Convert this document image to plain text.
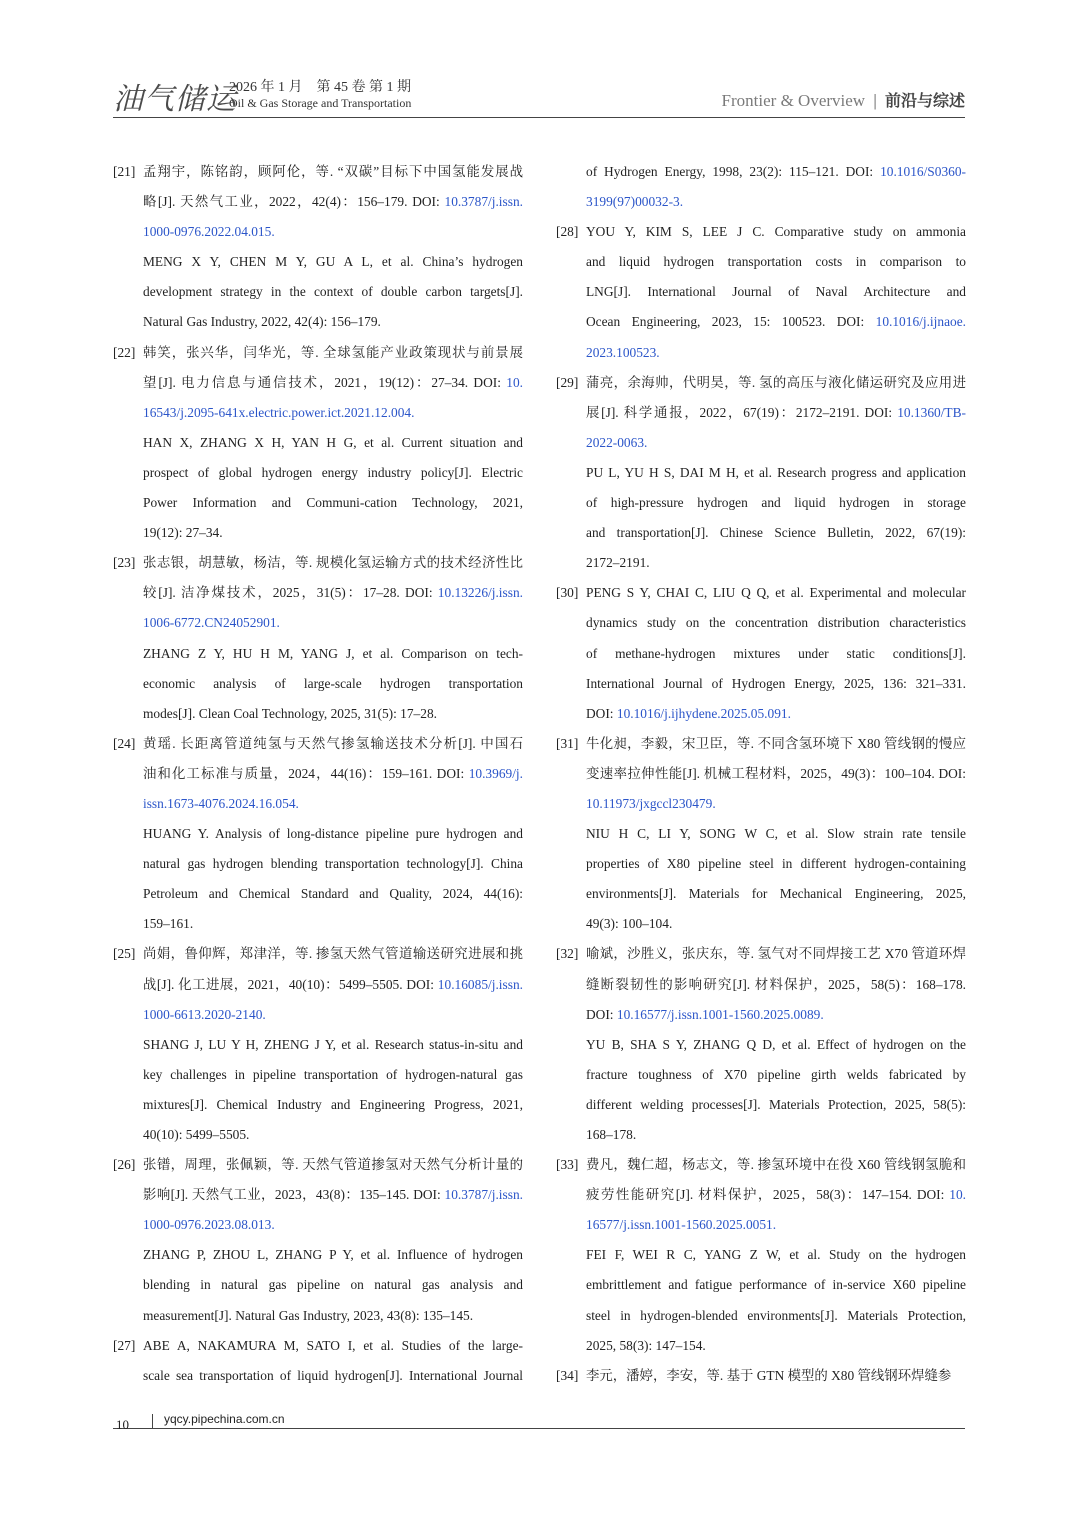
油气储运
2026 年 1 月　第 45 卷 第 1 期
Oil & Gas Storage and Transportation	Frontier & Overview | 前沿与综述
[21] 孟翔宇，陈铭韵，顾阿伦，等. “双碳”目标下中国氢能发展战
略[J]. 天然气工业，2022，42(4)：156–179. DOI: 10.3787/j.issn.
1000-0976.2022.04.015.
MENG X Y, CHEN M Y, GU A L, et al. China’s hydrogen
development strategy in the context of double carbon targets[J].
Natural Gas Industry, 2022, 42(4): 156–179.
[22] 韩笑，张兴华，闫华光，等. 全球氢能产业政策现状与前景展
望[J]. 电力信息与通信技术，2021，19(12)：27–34. DOI: 10.
16543/j.2095-641x.electric.power.ict.2021.12.004.
HAN X, ZHANG X H, YAN H G, et al. Current situation and
prospect of global hydrogen energy industry policy[J]. Electric
Power Information and Communi-cation Technology, 2021,
19(12): 27–34.
[23] 张志银，胡慧敏，杨洁，等. 规模化氢运输方式的技术经济性比
较[J]. 洁净煤技术，2025，31(5)：17–28. DOI: 10.13226/j.issn.
1006-6772.CN24052901.
ZHANG Z Y, HU H M, YANG J, et al. Comparison on tech-
economic analysis of large-scale hydrogen transportation
modes[J]. Clean Coal Technology, 2025, 31(5): 17–28.
[24] 黄瑶. 长距离管道纯氢与天然气掺氢输送技术分析[J]. 中国石
油和化工标准与质量，2024，44(16)：159–161. DOI: 10.3969/j.
issn.1673-4076.2024.16.054.
HUANG Y. Analysis of long-distance pipeline pure hydrogen and
natural gas hydrogen blending transportation technology[J]. China
Petroleum and Chemical Standard and Quality, 2024, 44(16):
159–161.
[25] 尚娟，鲁仰辉，郑津洋，等. 掺氢天然气管道输送研究进展和挑
战[J]. 化工进展，2021，40(10)：5499–5505. DOI: 10.16085/j.issn.
1000-6613.2020-2140.
SHANG J, LU Y H, ZHENG J Y, et al. Research status-in-situ and
key challenges in pipeline transportation of hydrogen-natural gas
mixtures[J]. Chemical Industry and Engineering Progress, 2021,
40(10): 5499–5505.
[26] 张镨，周理，张佩颖，等. 天然气管道掺氢对天然气分析计量的
影响[J]. 天然气工业，2023，43(8)：135–145. DOI: 10.3787/j.issn.
1000-0976.2023.08.013.
ZHANG P, ZHOU L, ZHANG P Y, et al. Influence of hydrogen
blending in natural gas pipeline on natural gas analysis and
measurement[J]. Natural Gas Industry, 2023, 43(8): 135–145.
[27] ABE A, NAKAMURA M, SATO I, et al. Studies of the large-
scale sea transportation of liquid hydrogen[J]. International Journal
of Hydrogen Energy, 1998, 23(2): 115–121. DOI: 10.1016/S0360-
3199(97)00032-3.
[28] YOU Y, KIM S, LEE J C. Comparative study on ammonia
and liquid hydrogen transportation costs in comparison to
LNG[J]. International Journal of Naval Architecture and
Ocean Engineering, 2023, 15: 100523. DOI: 10.1016/j.ijnaoe.
2023.100523.
[29] 蒲亮，余海帅，代明昊，等. 氢的高压与液化储运研究及应用进
展[J]. 科学通报，2022，67(19)：2172–2191. DOI: 10.1360/TB-
2022-0063.
PU L, YU H S, DAI M H, et al. Research progress and application
of high-pressure hydrogen and liquid hydrogen in storage
and transportation[J]. Chinese Science Bulletin, 2022, 67(19):
2172–2191.
[30] PENG S Y, CHAI C, LIU Q Q, et al. Experimental and molecular
dynamics study on the concentration distribution characteristics
of methane-hydrogen mixtures under static conditions[J].
International Journal of Hydrogen Energy, 2025, 136: 321–331.
DOI: 10.1016/j.ijhydene.2025.05.091.
[31] 牛化昶，李毅，宋卫臣，等. 不同含氢环境下 X80 管线钢的慢应
变速率拉伸性能[J]. 机械工程材料，2025，49(3)：100–104. DOI:
10.11973/jxgccl230479.
NIU H C, LI Y, SONG W C, et al. Slow strain rate tensile
properties of X80 pipeline steel in different hydrogen-containing
environments[J]. Materials for Mechanical Engineering, 2025,
49(3): 100–104.
[32] 喻斌，沙胜义，张庆东，等. 氢气对不同焊接工艺 X70 管道环焊
缝断裂韧性的影响研究[J]. 材料保护，2025，58(5)：168–178.
DOI: 10.16577/j.issn.1001-1560.2025.0089.
YU B, SHA S Y, ZHANG Q D, et al. Effect of hydrogen on the
fracture toughness of X70 pipeline girth welds fabricated by
different welding processes[J]. Materials Protection, 2025, 58(5):
168–178.
[33] 费凡，魏仁超，杨志文，等. 掺氢环境中在役 X60 管线钢氢脆和
疲劳性能研究[J]. 材料保护，2025，58(3)：147–154. DOI: 10.
16577/j.issn.1001-1560.2025.0051.
FEI F, WEI R C, YANG Z W, et al. Study on the hydrogen
embrittlement and fatigue performance of in-service X60 pipeline
steel in hydrogen-blended environments[J]. Materials Protection,
2025, 58(3): 147–154.
[34] 李元，潘婷，李安，等. 基于 GTN 模型的 X80 管线钢环焊缝参
10	yqcy.pipechina.com.cn
